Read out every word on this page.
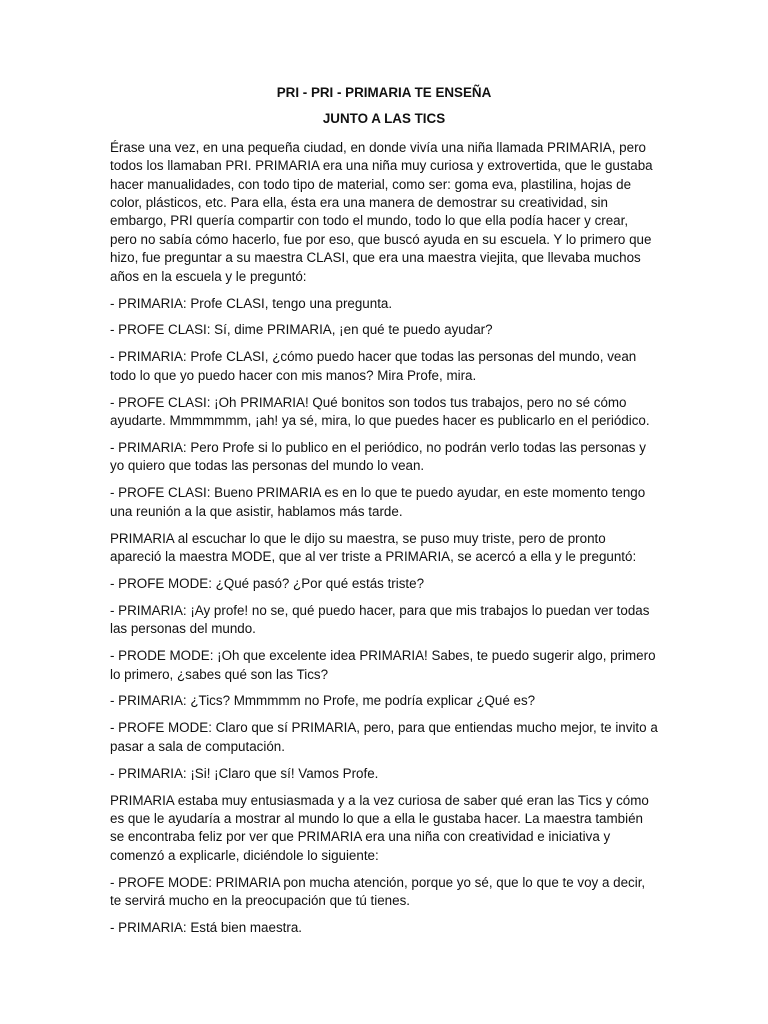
PRI - PRI - PRIMARIA TE ENSEÑA
JUNTO A LAS TICS

Érase una vez, en una pequeña ciudad, en donde vivía una niña llamada PRIMARIA, pero todos los llamaban PRI. PRIMARIA era una niña muy curiosa y extrovertida, que le gustaba hacer manualidades, con todo tipo de material, como ser: goma eva, plastilina, hojas de color, plásticos, etc. Para ella, ésta era una manera de demostrar su creatividad, sin embargo, PRI quería compartir con todo el mundo, todo lo que ella podía hacer y crear, pero no sabía cómo hacerlo, fue por eso, que buscó ayuda en su escuela. Y lo primero que hizo, fue preguntar a su maestra CLASI, que era una maestra viejita, que llevaba muchos años en la escuela y le preguntó:

- PRIMARIA: Profe CLASI, tengo una pregunta.

- PROFE CLASI: Sí, dime PRIMARIA, ¡en qué te puedo ayudar?

- PRIMARIA: Profe CLASI, ¿cómo puedo hacer que todas las personas del mundo, vean todo lo que yo puedo hacer con mis manos? Mira Profe, mira.

- PROFE CLASI: ¡Oh PRIMARIA! Qué bonitos son todos tus trabajos, pero no sé cómo ayudarte. Mmmmmmm, ¡ah! ya sé, mira, lo que puedes hacer es publicarlo en el periódico.

- PRIMARIA: Pero Profe si lo publico en el periódico, no podrán verlo todas las personas y yo quiero que todas las personas del mundo lo vean.

- PROFE CLASI: Bueno PRIMARIA es en lo que te puedo ayudar, en este momento tengo una reunión a la que asistir, hablamos más tarde.

PRIMARIA al escuchar lo que le dijo su maestra, se puso muy triste, pero de pronto apareció la maestra MODE, que al ver triste a PRIMARIA, se acercó a ella y le preguntó:

- PROFE MODE: ¿Qué pasó? ¿Por qué estás triste?

- PRIMARIA: ¡Ay profe! no se, qué puedo hacer, para que mis trabajos lo puedan ver todas las personas del mundo.

- PRODE MODE: ¡Oh que excelente idea PRIMARIA! Sabes, te puedo sugerir algo, primero lo primero, ¿sabes qué son las Tics?

- PRIMARIA: ¿Tics? Mmmmmm no Profe, me podría explicar ¿Qué es?

- PROFE MODE: Claro que sí PRIMARIA, pero, para que entiendas mucho mejor, te invito a pasar a sala de computación.

- PRIMARIA: ¡Si! ¡Claro que sí! Vamos Profe.

PRIMARIA estaba muy entusiasmada y a la vez curiosa de saber qué eran las Tics y cómo es que le ayudaría a mostrar al mundo lo que a ella le gustaba hacer. La maestra también se encontraba feliz por ver que PRIMARIA era una niña con creatividad e iniciativa y comenzó a explicarle, diciéndole lo siguiente:

- PROFE MODE: PRIMARIA pon mucha atención, porque yo sé, que lo que te voy a decir, te servirá mucho en la preocupación que tú tienes.

- PRIMARIA: Está bien maestra.
